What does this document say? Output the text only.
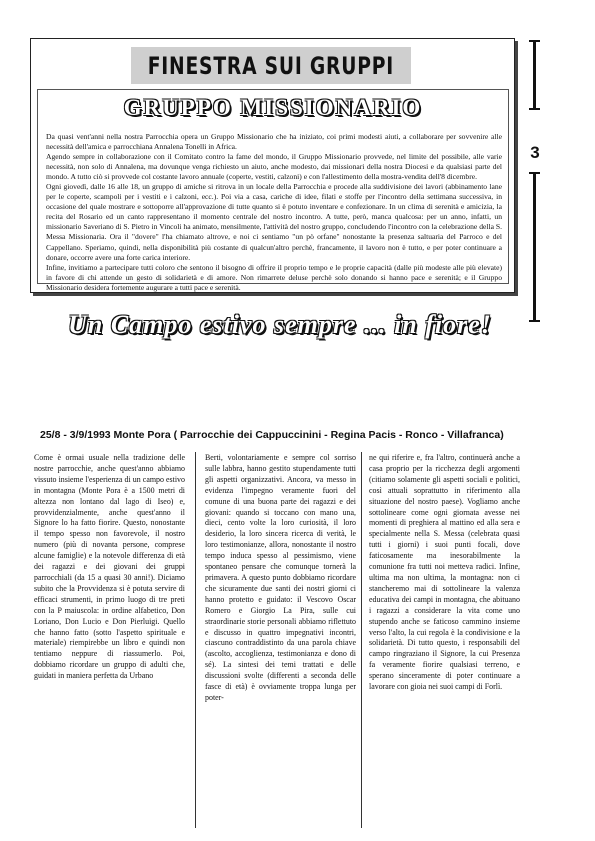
FINESTRA SUI GRUPPI
GRUPPO MISSIONARIO

Da quasi vent'anni nella nostra Parrocchia opera un Gruppo Missionario che ha iniziato, coi primi modesti aiuti, a collaborare per sovvenire alle necessità dell'amica e parrocchiana Annalena Tonelli in Africa.

Agendo sempre in collaborazione con il Comitato contro la fame del mondo, il Gruppo Missionario provvede, nel limite del possibile, alle varie necessità, non solo di Annalena, ma dovunque venga richiesto un aiuto, anche modesto, dai missionari della nostra Diocesi e da qualsiasi parte del mondo. A tutto ciò si provvede col costante lavoro annuale (coperte, vestiti, calzoni) e con l'allestimento della mostra-vendita dell'8 dicembre.

Ogni giovedì, dalle 16 alle 18, un gruppo di amiche si ritrova in un locale della Parrocchia e procede alla suddivisione dei lavori (abbinamento lane per le coperte, scampoli per i vestiti e i calzoni, ecc.). Poi via a casa, cariche di idee, filati e stoffe per l'incontro della settimana successiva, in occasione del quale mostrare e sottoporre all'approvazione di tutte quanto si è potuto inventare e confezionare. In un clima di serenità e amicizia, la recita del Rosario ed un canto rappresentano il momento centrale del nostro incontro. A tutte, però, manca qualcosa: per un anno, infatti, un missionario Saveriano di S. Pietro in Vincoli ha animato, mensilmente, l'attività del nostro gruppo, concludendo l'incontro con la celebrazione della S. Messa Missionaria. Ora il "dovere" l'ha chiamato altrove, e noi ci sentiamo "un pò orfane" nonostante la presenza saltuaria del Parroco e del Cappellano. Speriamo, quindi, nella disponibilità più costante di qualcun'altro perchè, francamente, il lavoro non è tutto, e per poter continuare a donare, occorre avere una forte carica interiore.

Infine, invitiamo a partecipare tutti coloro che sentono il bisogno di offrire il proprio tempo e le proprie capacità (dalle più modeste alle più elevate) in favore di chi attende un gesto di solidarietà e di amore. Non rimarrete deluse perchè solo donando si hanno pace e serenità; e il Gruppo Missionario desidera fortemente augurare a tutti pace e serenità.

3
Un Campo estivo sempre ... in fiore!
25/8 - 3/9/1993 Monte Pora ( Parrocchie dei Cappuccinini - Regina Pacis - Ronco - Villafranca)

Come è ormai usuale nella tradizione delle nostre parrocchie, anche quest'anno abbiamo vissuto insieme l'esperienza di un campo estivo in montagna (Monte Pora è a 1500 metri di altezza non lontano dal lago di Iseo) e, provvidenzialmente, anche quest'anno il Signore lo ha fatto fiorire. Questo, nonostante il tempo spesso non favorevole, il nostro numero (più di novanta persone, comprese alcune famiglie) e la notevole differenza di età dei ragazzi e dei giovani dei gruppi parrocchiali (da 15 a quasi 30 anni!). Diciamo subito che la Provvidenza si è potuta servire di efficaci strumenti, in primo luogo di tre preti con la P maiuscola: in ordine alfabetico, Don Loriano, Don Lucio e Don Pierluigi. Quello che hanno fatto (sotto l'aspetto spirituale e materiale) riempirebbe un libro e quindi non tentiamo neppure di riassumerlo. Poi, dobbiamo ricordare un gruppo di adulti che, guidati in maniera perfetta da Urbano

Berti, volontariamente e sempre col sorriso sulle labbra, hanno gestito stupendamente tutti gli aspetti organizzativi. Ancora, va messo in evidenza l'impegno veramente fuori del comune di una buona parte dei ragazzi e dei giovani: quando si toccano con mano una, dieci, cento volte la loro curiosità, il loro desiderio, la loro sincera ricerca di verità, le loro testimonianze, allora, nonostante il nostro tempo induca spesso al pessimismo, viene spontaneo pensare che comunque tornerà la primavera. A questo punto dobbiamo ricordare che sicuramente due santi dei nostri giorni ci hanno protetto e guidato: il Vescovo Oscar Romero e Giorgio La Pira, sulle cui straordinarie storie personali abbiamo riflettuto e discusso in quattro impegnativi incontri, ciascuno contraddistinto da una parola chiave (ascolto, accoglienza, testimonianza e dono di sé). La sintesi dei temi trattati e delle discussioni svolte (differenti a seconda delle fasce di età) è ovviamente troppa lunga per poter-

ne qui riferire e, fra l'altro, continuerà anche a casa proprio per la ricchezza degli argomenti (citiamo solamente gli aspetti sociali e politici, così attuali soprattutto in riferimento alla situazione del nostro paese). Vogliamo anche sottolineare come ogni giornata avesse nei momenti di preghiera al mattino ed alla sera e specialmente nella S. Messa (celebrata quasi tutti i giorni) i suoi punti focali, dove faticosamente ma inesorabilmente la comunione fra tutti noi metteva radici. Infine, ultima ma non ultima, la montagna: non ci stancheremo mai di sottolineare la valenza educativa dei campi in montagna, che abituano i ragazzi a considerare la vita come uno stupendo anche se faticoso cammino insieme verso l'alto, la cui regola è la condivisione e la solidarietà. Di tutto questo, i responsabili del campo ringraziano il Signore, la cui Presenza fa veramente fiorire qualsiasi terreno, e sperano sinceramente di poter continuare a lavorare con gioia nei suoi campi di Forlì.
